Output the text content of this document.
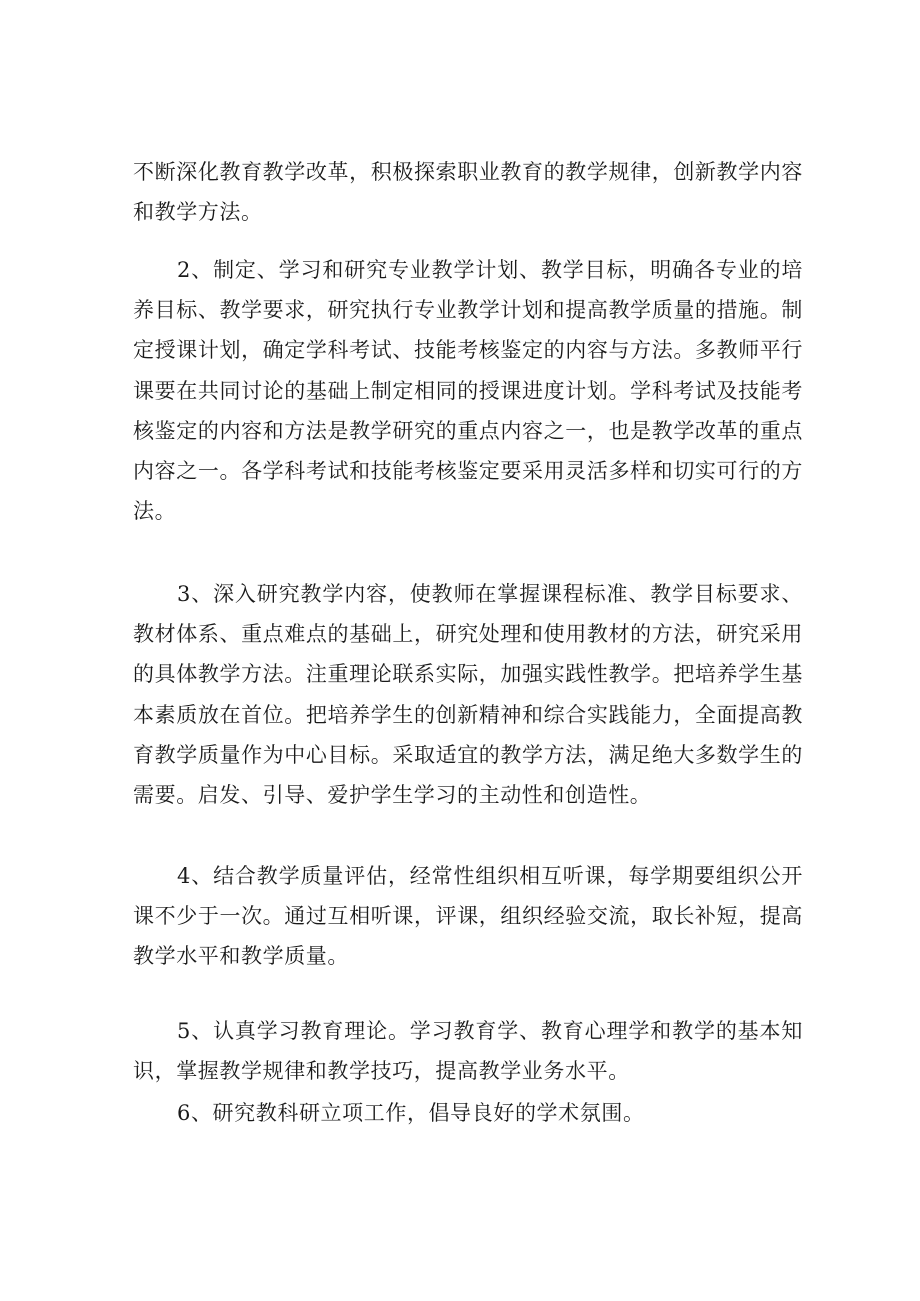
不断深化教育教学改革，积极探索职业教育的教学规律，创新教学内容和教学方法。

2、制定、学习和研究专业教学计划、教学目标，明确各专业的培养目标、教学要求，研究执行专业教学计划和提高教学质量的措施。制定授课计划，确定学科考试、技能考核鉴定的内容与方法。多教师平行课要在共同讨论的基础上制定相同的授课进度计划。学科考试及技能考核鉴定的内容和方法是教学研究的重点内容之一，也是教学改革的重点内容之一。各学科考试和技能考核鉴定要采用灵活多样和切实可行的方法。

3、深入研究教学内容，使教师在掌握课程标准、教学目标要求、教材体系、重点难点的基础上，研究处理和使用教材的方法，研究采用的具体教学方法。注重理论联系实际，加强实践性教学。把培养学生基本素质放在首位。把培养学生的创新精神和综合实践能力，全面提高教育教学质量作为中心目标。采取适宜的教学方法，满足绝大多数学生的需要。启发、引导、爱护学生学习的主动性和创造性。

4、结合教学质量评估，经常性组织相互听课，每学期要组织公开课不少于一次。通过互相听课，评课，组织经验交流，取长补短，提高教学水平和教学质量。

5、认真学习教育理论。学习教育学、教育心理学和教学的基本知识，掌握教学规律和教学技巧，提高教学业务水平。

6、研究教科研立项工作，倡导良好的学术氛围。
